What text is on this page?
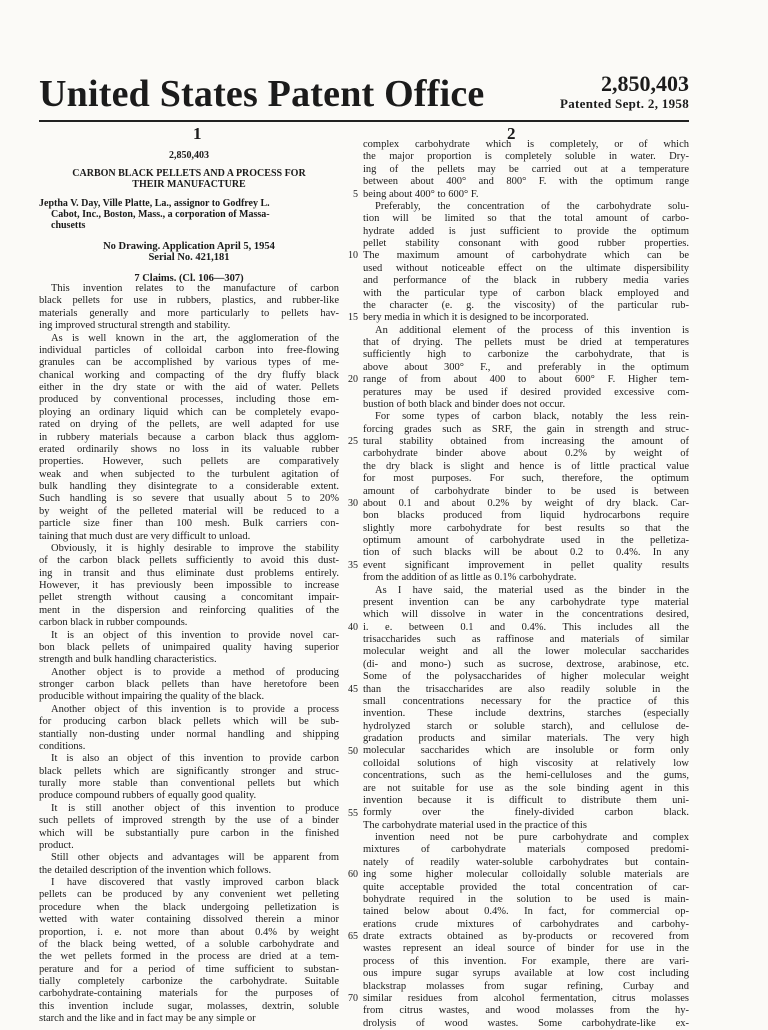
United States Patent Office	2,850,403
Patented Sept. 2, 1958
1	2
2,850,403
CARBON BLACK PELLETS AND A PROCESS FOR
THEIR MANUFACTURE
Jeptha V. Day, Ville Platte, La., assignor to Godfrey L.
Cabot, Inc., Boston, Mass., a corporation of Massa-
chusetts
No Drawing. Application April 5, 1954
Serial No. 421,181
7 Claims. (Cl. 106—307)
This invention relates to the manufacture of carbon
black pellets for use in rubbers, plastics, and rubber-like
materials generally and more particularly to pellets hav-
ing improved structural strength and stability.
As is well known in the art, the agglomeration of the
individual particles of colloidal carbon into free-flowing
granules can be accomplished by various types of me-
chanical working and compacting of the dry fluffy black
either in the dry state or with the aid of water. Pellets
produced by conventional processes, including those em-
ploying an ordinary liquid which can be completely evapo-
rated on drying of the pellets, are well adapted for use
in rubbery materials because a carbon black thus agglom-
erated ordinarily shows no loss in its valuable rubber
properties. However, such pellets are comparatively
weak and when subjected to the turbulent agitation of
bulk handling they disintegrate to a considerable extent.
Such handling is so severe that usually about 5 to 20%
by weight of the pelleted material will be reduced to a
particle size finer than 100 mesh. Bulk carriers con-
taining that much dust are very difficult to unload.
Obviously, it is highly desirable to improve the stability
of the carbon black pellets sufficiently to avoid this dust-
ing in transit and thus eliminate dust problems entirely.
However, it has previously been impossible to increase
pellet strength without causing a concomitant impair-
ment in the dispersion and reinforcing qualities of the
carbon black in rubber compounds.
It is an object of this invention to provide novel car-
bon black pellets of unimpaired quality having superior
strength and bulk handling characteristics.
Another object is to provide a method of producing
stronger carbon black pellets than have heretofore been
producible without impairing the quality of the black.
Another object of this invention is to provide a process
for producing carbon black pellets which will be sub-
stantially non-dusting under normal handling and shipping
conditions.
It is also an object of this invention to provide carbon
black pellets which are significantly stronger and struc-
turally more stable than conventional pellets but which
produce compound rubbers of equally good quality.
It is still another object of this invention to produce
such pellets of improved strength by the use of a binder
which will be substantially pure carbon in the finished
product.
Still other objects and advantages will be apparent from
the detailed description of the invention which follows.
I have discovered that vastly improved carbon black
pellets can be produced by any convenient wet pelleting
procedure when the black undergoing pelletization is
wetted with water containing dissolved therein a minor
proportion, i. e. not more than about 0.4% by weight
of the black being wetted, of a soluble carbohydrate and
the wet pellets formed in the process are dried at a tem-
perature and for a period of time sufficient to substan-
tially completely carbonize the carbohydrate. Suitable
carbohydrate-containing materials for the purposes of
this invention include sugar, molasses, dextrin, soluble
starch and the like and in fact may be any simple or
5
10
15
20
25
30
35
40
45
50
55
60
65
70
complex carbohydrate which is completely, or of which
the major proportion is completely soluble in water. Dry-
ing of the pellets may be carried out at a temperature
between about 400° and 800° F. with the optimum range
being about 400° to 600° F.
Preferably, the concentration of the carbohydrate solu-
tion will be limited so that the total amount of carbo-
hydrate added is just sufficient to provide the optimum
pellet stability consonant with good rubber properties.
The maximum amount of carbohydrate which can be
used without noticeable effect on the ultimate dispersibility
and performance of the black in rubbery media varies
with the particular type of carbon black employed and
the character (e. g. the viscosity) of the particular rub-
bery media in which it is designed to be incorporated.
An additional element of the process of this invention is
that of drying. The pellets must be dried at temperatures
sufficiently high to carbonize the carbohydrate, that is
above about 300° F., and preferably in the optimum
range of from about 400 to about 600° F. Higher tem-
peratures may be used if desired provided excessive com-
bustion of both black and binder does not occur.
For some types of carbon black, notably the less rein-
forcing grades such as SRF, the gain in strength and struc-
tural stability obtained from increasing the amount of
carbohydrate binder above about 0.2% by weight of
the dry black is slight and hence is of little practical value
for most purposes. For such, therefore, the optimum
amount of carbohydrate binder to be used is between
about 0.1 and about 0.2% by weight of dry black. Car-
bon blacks produced from liquid hydrocarbons require
slightly more carbohydrate for best results so that the
optimum amount of carbohydrate used in the pelletiza-
tion of such blacks will be about 0.2 to 0.4%. In any
event significant improvement in pellet quality results
from the addition of as little as 0.1% carbohydrate.
As I have said, the material used as the binder in the
present invention can be any carbohydrate type material
which will dissolve in water in the concentrations desired,
i. e. between 0.1 and 0.4%. This includes all the
trisaccharides such as raffinose and materials of similar
molecular weight and all the lower molecular saccharides
(di- and mono-) such as sucrose, dextrose, arabinose, etc.
Some of the polysaccharides of higher molecular weight
than the trisaccharides are also readily soluble in the
small concentrations necessary for the practice of this
invention. These include dextrins, starches (especially
hydrolyzed starch or soluble starch), and cellulose de-
gradation products and similar materials. The very high
molecular saccharides which are insoluble or form only
colloidal solutions of high viscosity at relatively low
concentrations, such as the hemi-celluloses and the gums,
are not suitable for use as the sole binding agent in this
invention because it is difficult to distribute them uni-
formly over the finely-divided carbon black.
The carbohydrate material used in the practice of this
invention need not be pure carbohydrate and complex
mixtures of carbohydrate materials composed predomi-
nately of readily water-soluble carbohydrates but contain-
ing some higher molecular colloidally soluble materials are
quite acceptable provided the total concentration of car-
bohydrate required in the solution to be used is main-
tained below about 0.4%. In fact, for commercial op-
erations crude mixtures of carbohydrates and carbohy-
drate extracts obtained as by-products or recovered from
wastes represent an ideal source of binder for use in the
process of this invention. For example, there are vari-
ous impure sugar syrups available at low cost including
blackstrap molasses from sugar refining, Curbay and
similar residues from alcohol fermentation, citrus molasses
from citrus wastes, and wood molasses from the hy-
drolysis of wood wastes. Some carbohydrate-like ex-
